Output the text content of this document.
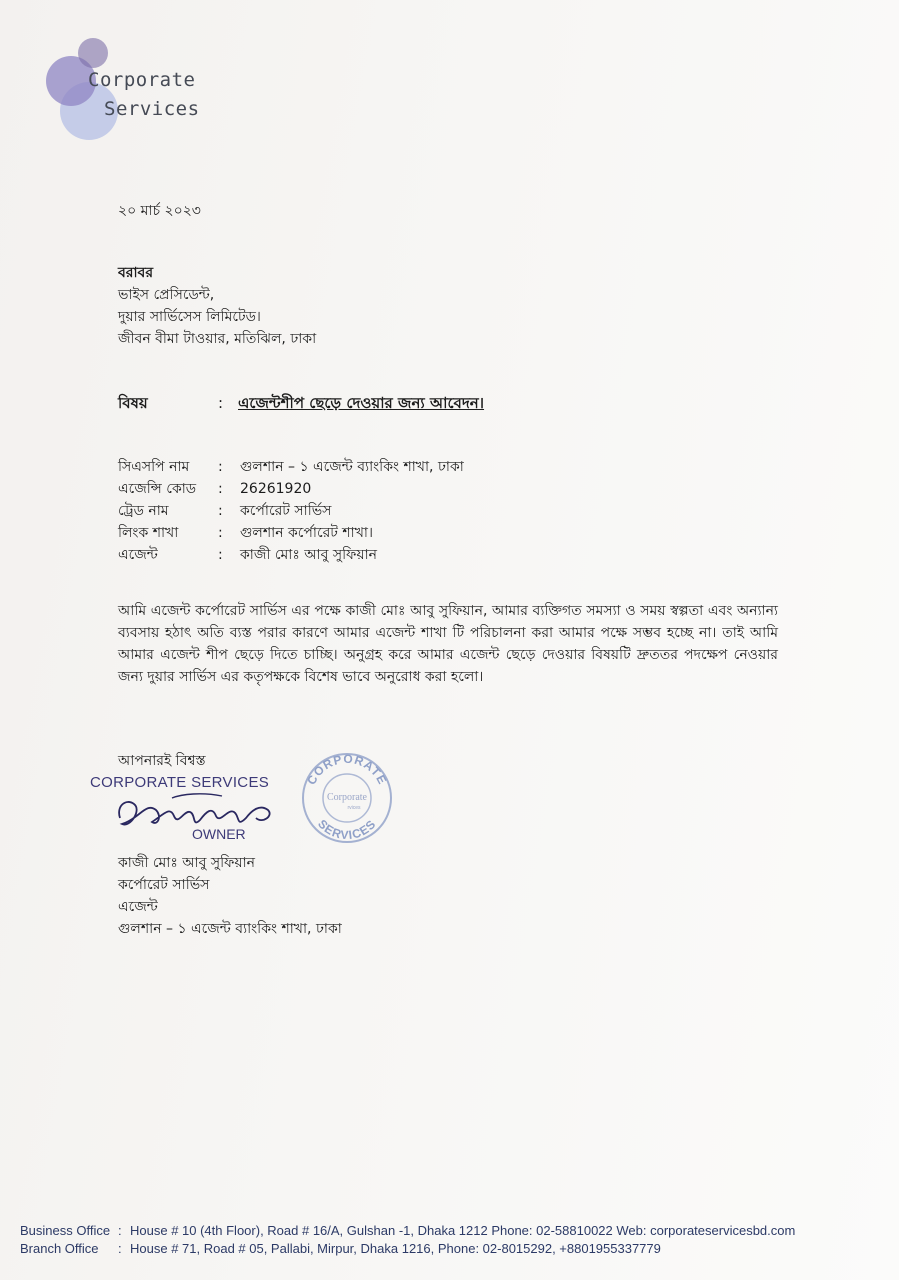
Corporate
Services
২০ মার্চ ২০২৩
বরাবর
ভাইস প্রেসিডেন্ট,
দুয়ার সার্ভিসেস লিমিটেড।
জীবন বীমা টাওয়ার, মতিঝিল, ঢাকা
বিষয়	: এজেন্টশীপ ছেড়ে দেওয়ার জন্য আবেদন।
সিএসপি নাম : গুলশান – ১ এজেন্ট ব্যাংকিং শাখা, ঢাকা
এজেন্সি কোড : 26261920
ট্রেড নাম	: কর্পোরেট সার্ভিস
লিংক শাখা	: গুলশান কর্পোরেট শাখা।
এজেন্ট	: কাজী মোঃ আবু সুফিয়ান
আমি এজেন্ট কর্পোরেট সার্ভিস এর পক্ষে কাজী মোঃ আবু সুফিয়ান, আমার ব্যক্তিগত সমস্যা ও সময় স্বল্পতা এবং অন্যান্য ব্যবসায় হঠাৎ অতি ব্যস্ত পরার কারণে আমার এজেন্ট শাখা টি পরিচালনা করা আমার পক্ষে সম্ভব হচ্ছে না। তাই আমি আমার এজেন্ট শীপ ছেড়ে দিতে চাচ্ছি। অনুগ্রহ করে আমার এজেন্ট ছেড়ে দেওয়ার বিষয়টি দ্রুততর পদক্ষেপ নেওয়ার জন্য দুয়ার সার্ভিস এর কতৃপক্ষকে বিশেষ ভাবে অনুরোধ করা হলো।
আপনারই বিশ্বস্ত
CORPORATE SERVICES
OWNER
CORPORATE
SERVICES
Corporate
rvices
কাজী মোঃ আবু সুফিয়ান
কর্পোরেট সার্ভিস
এজেন্ট
গুলশান – ১ এজেন্ট ব্যাংকিং শাখা, ঢাকা
Business Office : House # 10 (4th Floor), Road # 16/A, Gulshan -1, Dhaka 1212 Phone: 02-58810022 Web: corporateservicesbd.com
Branch Office : House # 71, Road # 05, Pallabi, Mirpur, Dhaka 1216, Phone: 02-8015292, +8801955337779
